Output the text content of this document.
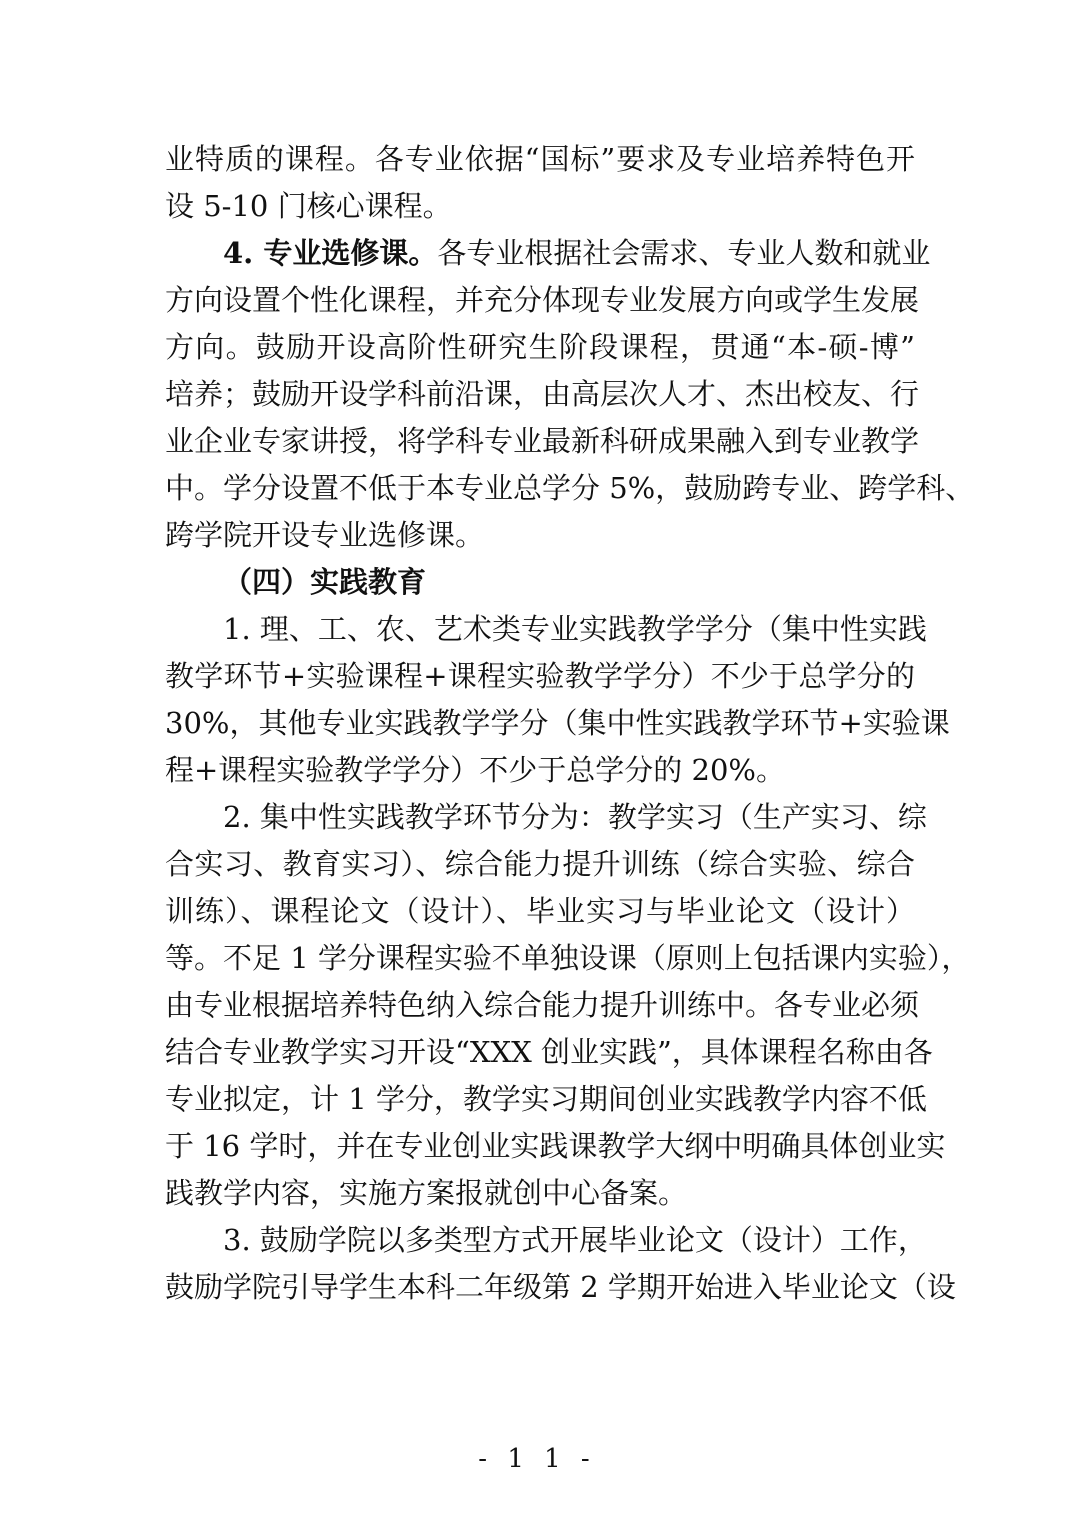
业特质的课程。各专业依据“国标”要求及专业培养特色开
设 5-10 门核心课程。
4. 专业选修课。各专业根据社会需求、专业人数和就业
方向设置个性化课程，并充分体现专业发展方向或学生发展
方向。鼓励开设高阶性研究生阶段课程，贯通“本-硕-博”
培养；鼓励开设学科前沿课，由高层次人才、杰出校友、行
业企业专家讲授，将学科专业最新科研成果融入到专业教学
中。学分设置不低于本专业总学分 5%，鼓励跨专业、跨学科、
跨学院开设专业选修课。
（四）实践教育
1. 理、工、农、艺术类专业实践教学学分（集中性实践
教学环节+实验课程+课程实验教学学分）不少于总学分的
30%，其他专业实践教学学分（集中性实践教学环节+实验课
程+课程实验教学学分）不少于总学分的 20%。
2. 集中性实践教学环节分为：教学实习（生产实习、综
合实习、教育实习）、综合能力提升训练（综合实验、综合
训练）、课程论文（设计）、毕业实习与毕业论文（设计）
等。不足 1 学分课程实验不单独设课（原则上包括课内实验），
由专业根据培养特色纳入综合能力提升训练中。各专业必须
结合专业教学实习开设“XXX 创业实践”，具体课程名称由各
专业拟定，计 1 学分，教学实习期间创业实践教学内容不低
于 16 学时，并在专业创业实践课教学大纲中明确具体创业实
践教学内容，实施方案报就创中心备案。
3. 鼓励学院以多类型方式开展毕业论文（设计）工作，
鼓励学院引导学生本科二年级第 2 学期开始进入毕业论文（设
- 1 1 -
